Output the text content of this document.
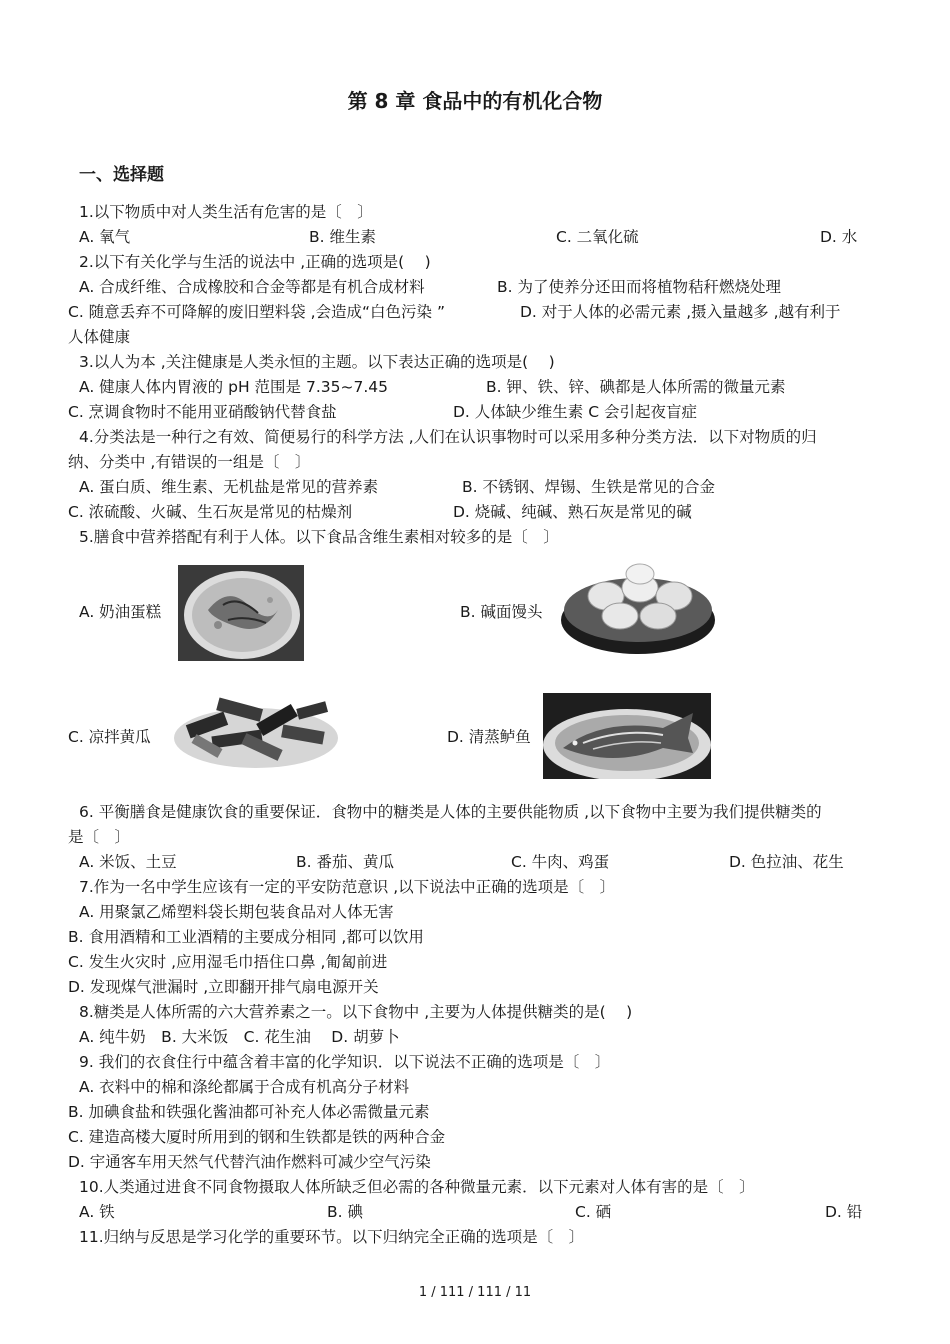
第 8 章 食品中的有机化合物
一、选择题
1.以下物质中对人类生活有危害的是〔　〕
A. 氧气	B. 维生素	C. 二氧化硫	D. 水
2.以下有关化学与生活的说法中 ,正确的选项是(　 )
A. 合成纤维、合成橡胶和合金等都是有机合成材料	B. 为了使养分还田而将植物秸秆燃烧处理
C. 随意丢弃不可降解的废旧塑料袋 ,会造成“白色污染 ”	D. 对于人体的必需元素 ,摄入量越多 ,越有利于
人体健康
3.以人为本 ,关注健康是人类永恒的主题。以下表达正确的选项是(　 )
A. 健康人体内胃液的 pH 范围是 7.35~7.45	B. 钾、铁、锌、碘都是人体所需的微量元素
C. 烹调食物时不能用亚硝酸钠代替食盐	D. 人体缺少维生素 C 会引起夜盲症
4.分类法是一种行之有效、简便易行的科学方法 ,人们在认识事物时可以采用多种分类方法．以下对物质的归
纳、分类中 ,有错误的一组是〔　〕
A. 蛋白质、维生素、无机盐是常见的营养素	B. 不锈钢、焊锡、生铁是常见的合金
C. 浓硫酸、火碱、生石灰是常见的枯燥剂	D. 烧碱、纯碱、熟石灰是常见的碱
5.膳食中营养搭配有利于人体。以下食品含维生素相对较多的是〔　〕
A. 奶油蛋糕	B. 碱面馒头
C. 凉拌黄瓜	D. 清蒸鲈鱼
6. 平衡膳食是健康饮食的重要保证．食物中的糖类是人体的主要供能物质 ,以下食物中主要为我们提供糖类的
是〔　〕
A. 米饭、土豆	B. 番茄、黄瓜	C. 牛肉、鸡蛋	D. 色拉油、花生
7.作为一名中学生应该有一定的平安防范意识 ,以下说法中正确的选项是〔　〕
A. 用聚氯乙烯塑料袋长期包装食品对人体无害
B. 食用酒精和工业酒精的主要成分相同 ,都可以饮用
C. 发生火灾时 ,应用湿毛巾捂住口鼻 ,匍匐前进
D. 发现煤气泄漏时 ,立即翻开排气扇电源开关
8.糖类是人体所需的六大营养素之一。以下食物中 ,主要为人体提供糖类的是(　 )
A. 纯牛奶　B. 大米饭　C. 花生油　 D. 胡萝卜
9. 我们的衣食住行中蕴含着丰富的化学知识．以下说法不正确的选项是〔　〕
A. 衣料中的棉和涤纶都属于合成有机高分子材料
B. 加碘食盐和铁强化酱油都可补充人体必需微量元素
C. 建造高楼大厦时所用到的钢和生铁都是铁的两种合金
D. 宇通客车用天然气代替汽油作燃料可减少空气污染
10.人类通过进食不同食物摄取人体所缺乏但必需的各种微量元素．以下元素对人体有害的是〔　〕
A. 铁	B. 碘	C. 硒	D. 铅
11.归纳与反思是学习化学的重要环节。以下归纳完全正确的选项是〔　〕
1 / 111 / 111 / 11
